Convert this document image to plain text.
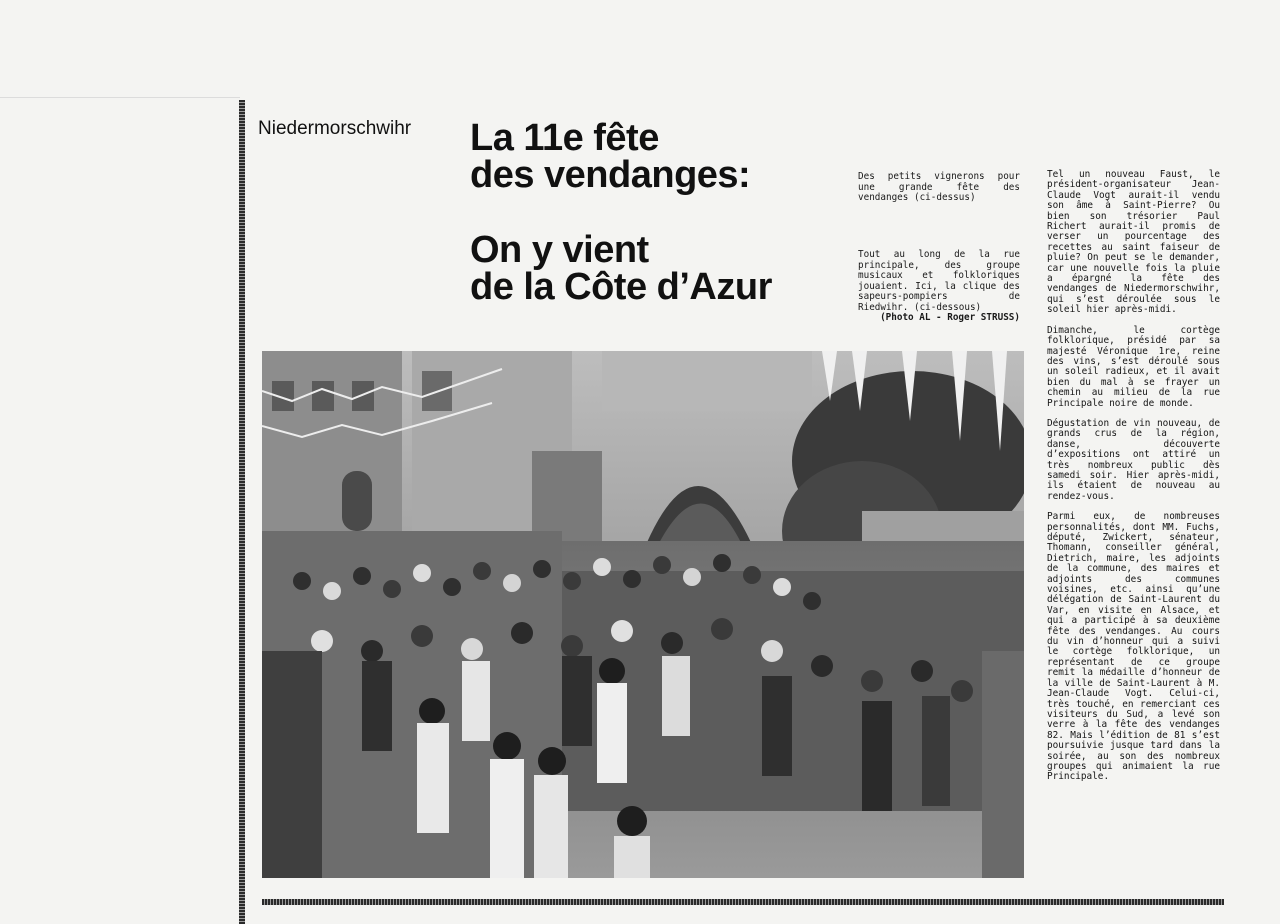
Niedermorschwihr La 11e fête
des vendanges:
On y vient
de la Côte d’Azur
Des petits vignerons pour une grande fête des vendanges (ci-dessus)
Tout au long de la rue principale, des groupe musicaux et folkloriques jouaient. Ici, la clique des sapeurs-pompiers de Riedwihr. (ci-dessous)
(Photo AL - Roger STRUSS)

Tel un nouveau Faust, le président-organisateur Jean-Claude Vogt aurait-il vendu son âme à Saint-Pierre? Ou bien son trésorier Paul Richert aurait-il promis de verser un pourcentage des recettes au saint faiseur de pluie? On peut se le demander, car une nouvelle fois la pluie a épargné la fête des vendanges de Niedermorschwihr, qui s’est déroulée sous le soleil hier après-midi.

Dimanche, le cortège folklorique, présidé par sa majesté Véronique 1re, reine des vins, s’est déroulé sous un soleil radieux, et il avait bien du mal à se frayer un chemin au milieu de la rue Principale noire de monde.

Dégustation de vin nouveau, de grands crus de la région, danse, découverte d’expositions ont attiré un très nombreux public dès samedi soir. Hier après-midi, ils étaient de nouveau au rendez-vous.

Parmi eux, de nombreuses personnalités, dont MM. Fuchs, député, Zwickert, sénateur, Thomann, conseiller général, Dietrich, maire, les adjoints de la commune, des maires et adjoints des communes voisines, etc. ainsi qu’une délégation de Saint-Laurent du Var, en visite en Alsace, et qui a participé à sa deuxième fête des vendanges. Au cours du vin d’honneur qui a suivi le cortège folklorique, un représentant de ce groupe remit la médaille d’honneur de la ville de Saint-Laurent à M. Jean-Claude Vogt. Celui-ci, très touché, en remerciant ces visiteurs du Sud, a levé son verre à la fête des vendanges 82. Mais l’édition de 81 s’est poursuivie jusque tard dans la soirée, au son des nombreux groupes qui animaient la rue Principale.
